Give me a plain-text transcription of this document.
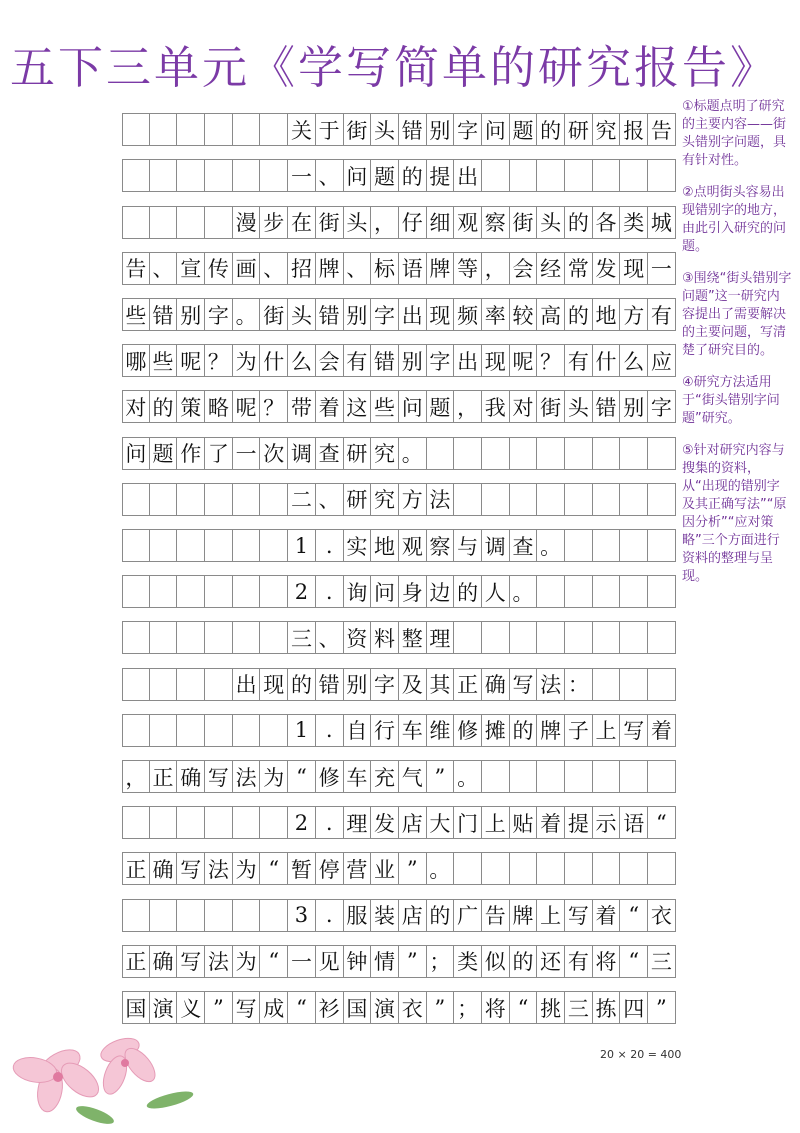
五下三单元《学写简单的研究报告》
关 于 街 头 错 别 字 问 题 的 研 究 报 告
一 、 问 题 的 提 出
漫 步 在 街 头 ， 仔 细 观 察 街 头 的 各 类 城
告 、 宣 传 画 、 招 牌 、 标 语 牌 等 ， 会 经 常 发 现 一
些 错 别 字 。 街 头 错 别 字 出 现 频 率 较 高 的 地 方 有
哪 些 呢 ？ 为 什 么 会 有 错 别 字 出 现 呢 ？ 有 什 么 应
对 的 策 略 呢 ？ 带 着 这 些 问 题 ， 我 对 街 头 错 别 字
问 题 作 了 一 次 调 查 研 究 。
二 、 研 究 方 法
1 . 实 地 观 察 与 调 查 。
2 . 询 问 身 边 的 人 。
三 、 资 料 整 理
出 现 的 错 别 字 及 其 正 确 写 法 ：
1 . 自 行 车 维 修 摊 的 牌 子 上 写 着
， 正 确 写 法 为 “ 修 车 充 气 ” 。
2 . 理 发 店 大 门 上 贴 着 提 示 语 “
正 确 写 法 为 “ 暂 停 营 业 ” 。
3 . 服 装 店 的 广 告 牌 上 写 着 “ 衣
正 确 写 法 为 “ 一 见 钟 情 ” ； 类 似 的 还 有 将 “ 三
国 演 义 ” 写 成 “ 衫 国 演 衣 ” ； 将 “ 挑 三 拣 四 ”
①标题点明了研究的主要内容——街头错别字问题，具有针对性。
②点明街头容易出现错别字的地方，由此引入研究的问题。
③围绕“街头错别字问题”这一研究内容提出了需要解决的主要问题，写清楚了研究目的。
④研究方法适用于“街头错别字问题”研究。
⑤针对研究内容与搜集的资料，从“出现的错别字及其正确写法”“原因分析”“应对策略”三个方面进行资料的整理与呈现。
20 × 20 = 400
